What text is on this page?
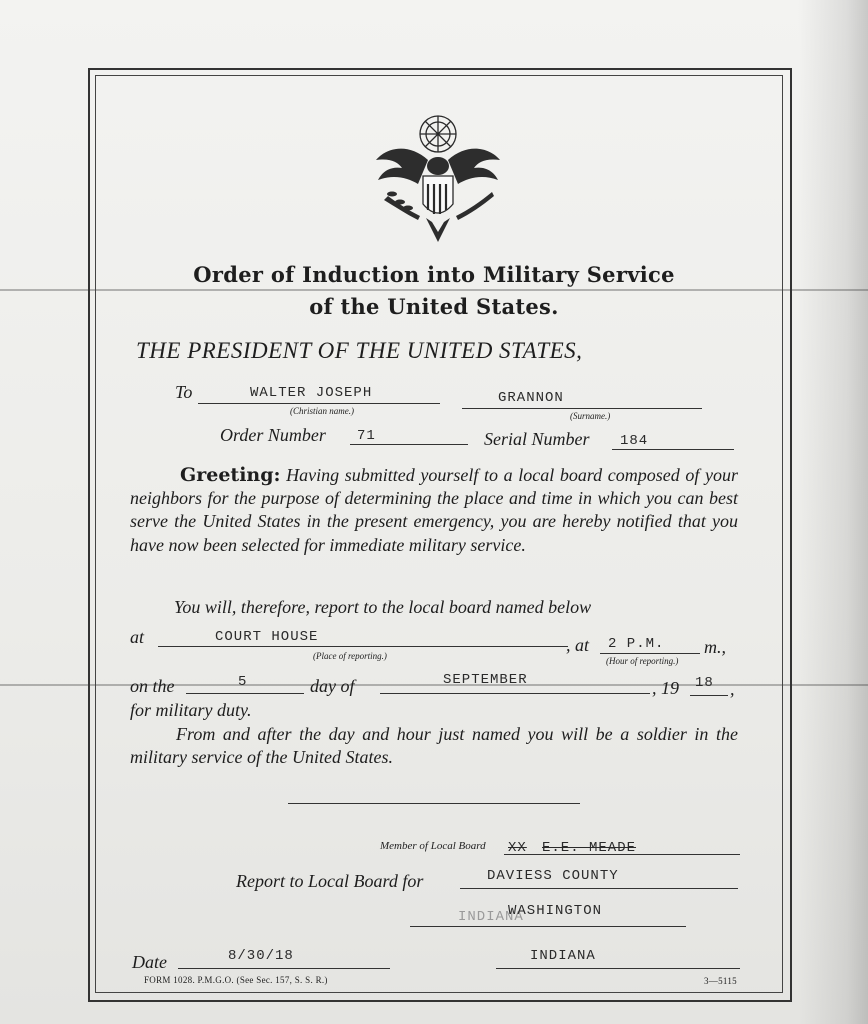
Order of Induction into Military Service
of the United States.
THE PRESIDENT OF THE UNITED STATES,
To	WALTER JOSEPH
(Christian name.)
GRANNON
(Surname.)
Order Number 71	Serial Number 184
Greeting: Having submitted yourself to a local board composed of your neighbors for the purpose of determining the place and time in which you can best serve the United States in the present emergency, you are hereby notified that you have now been selected for immediate military service.
You will, therefore, report to the local board named below
at	COURT HOUSE
(Place of reporting.)
, at 2 P.M. m.,
(Hour of reporting.)
on the	5	day of	SEPTEMBER	, 19 18 ,
for military duty.
From and after the day and hour just named you will be a soldier in the military service of the United States.
Member of Local Board XX E.E. MEADE
Report to Local Board for	DAVIESS COUNTY
INDIANA
WASHINGTON
Date	8/30/18	INDIANA
FORM 1028. P.M.G.O. (See Sec. 157, S. S. R.)	3—5115
